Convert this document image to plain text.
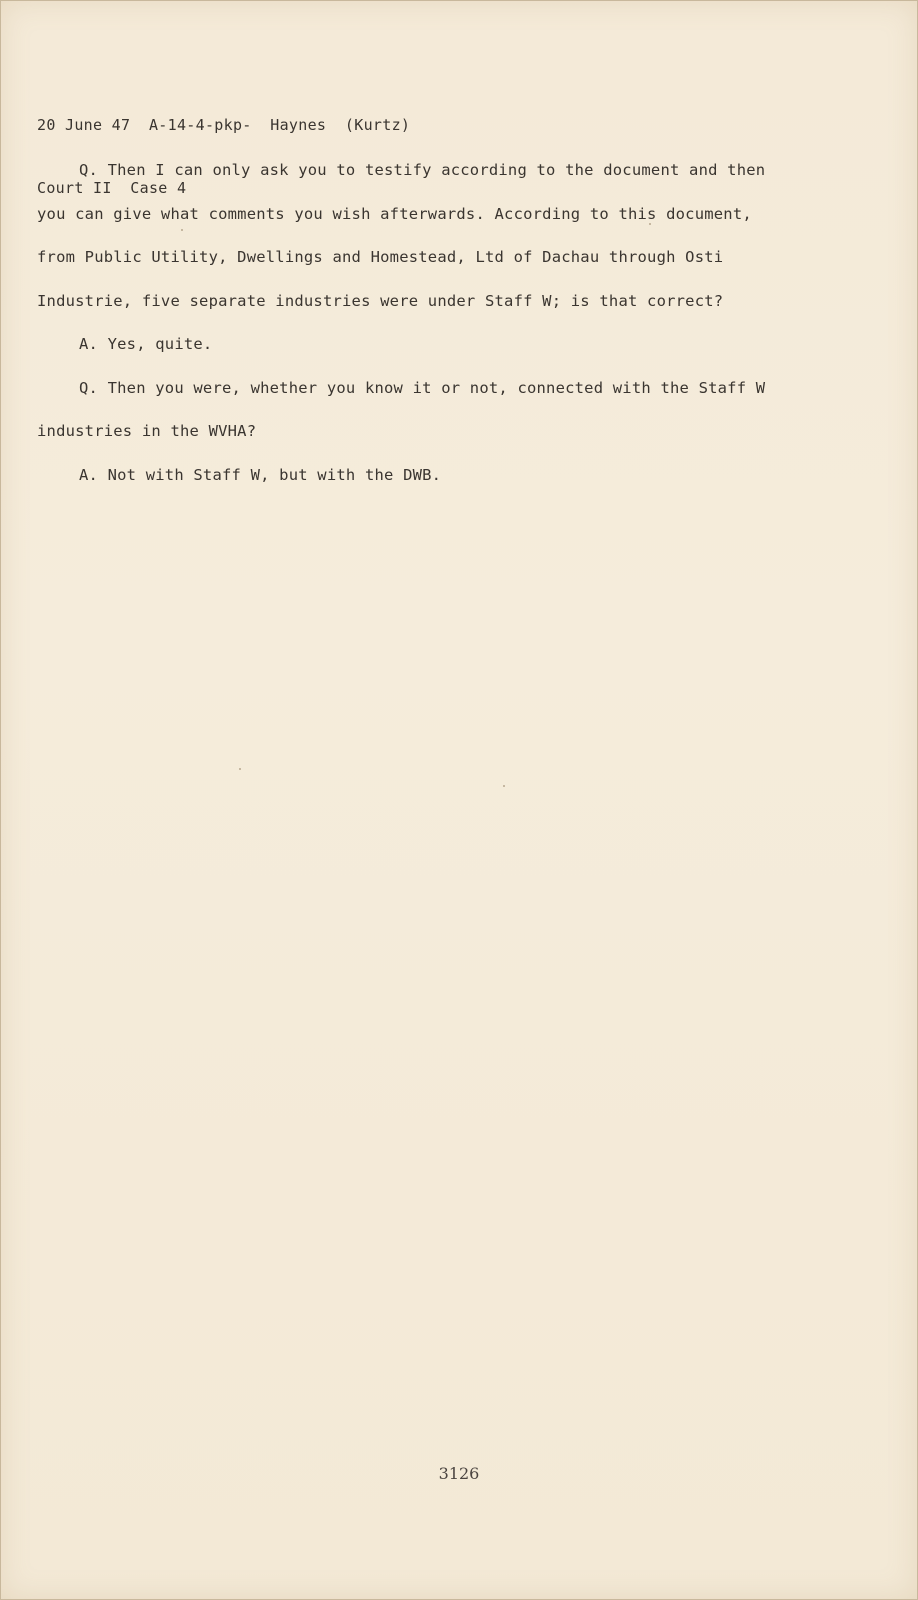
20 June 47  A-14-4-pkp-  Haynes  (Kurtz)

Court II  Case 4

Q. Then I can only ask you to testify according to the document and then you can give what comments you wish afterwards. According to this document, from Public Utility, Dwellings and Homestead, Ltd of Dachau through Osti Industrie, five separate industries were under Staff W; is that correct?

A. Yes, quite.

Q. Then you were, whether you know it or not, connected with the Staff W industries in the WVHA?

A. Not with Staff W, but with the DWB.

3126
